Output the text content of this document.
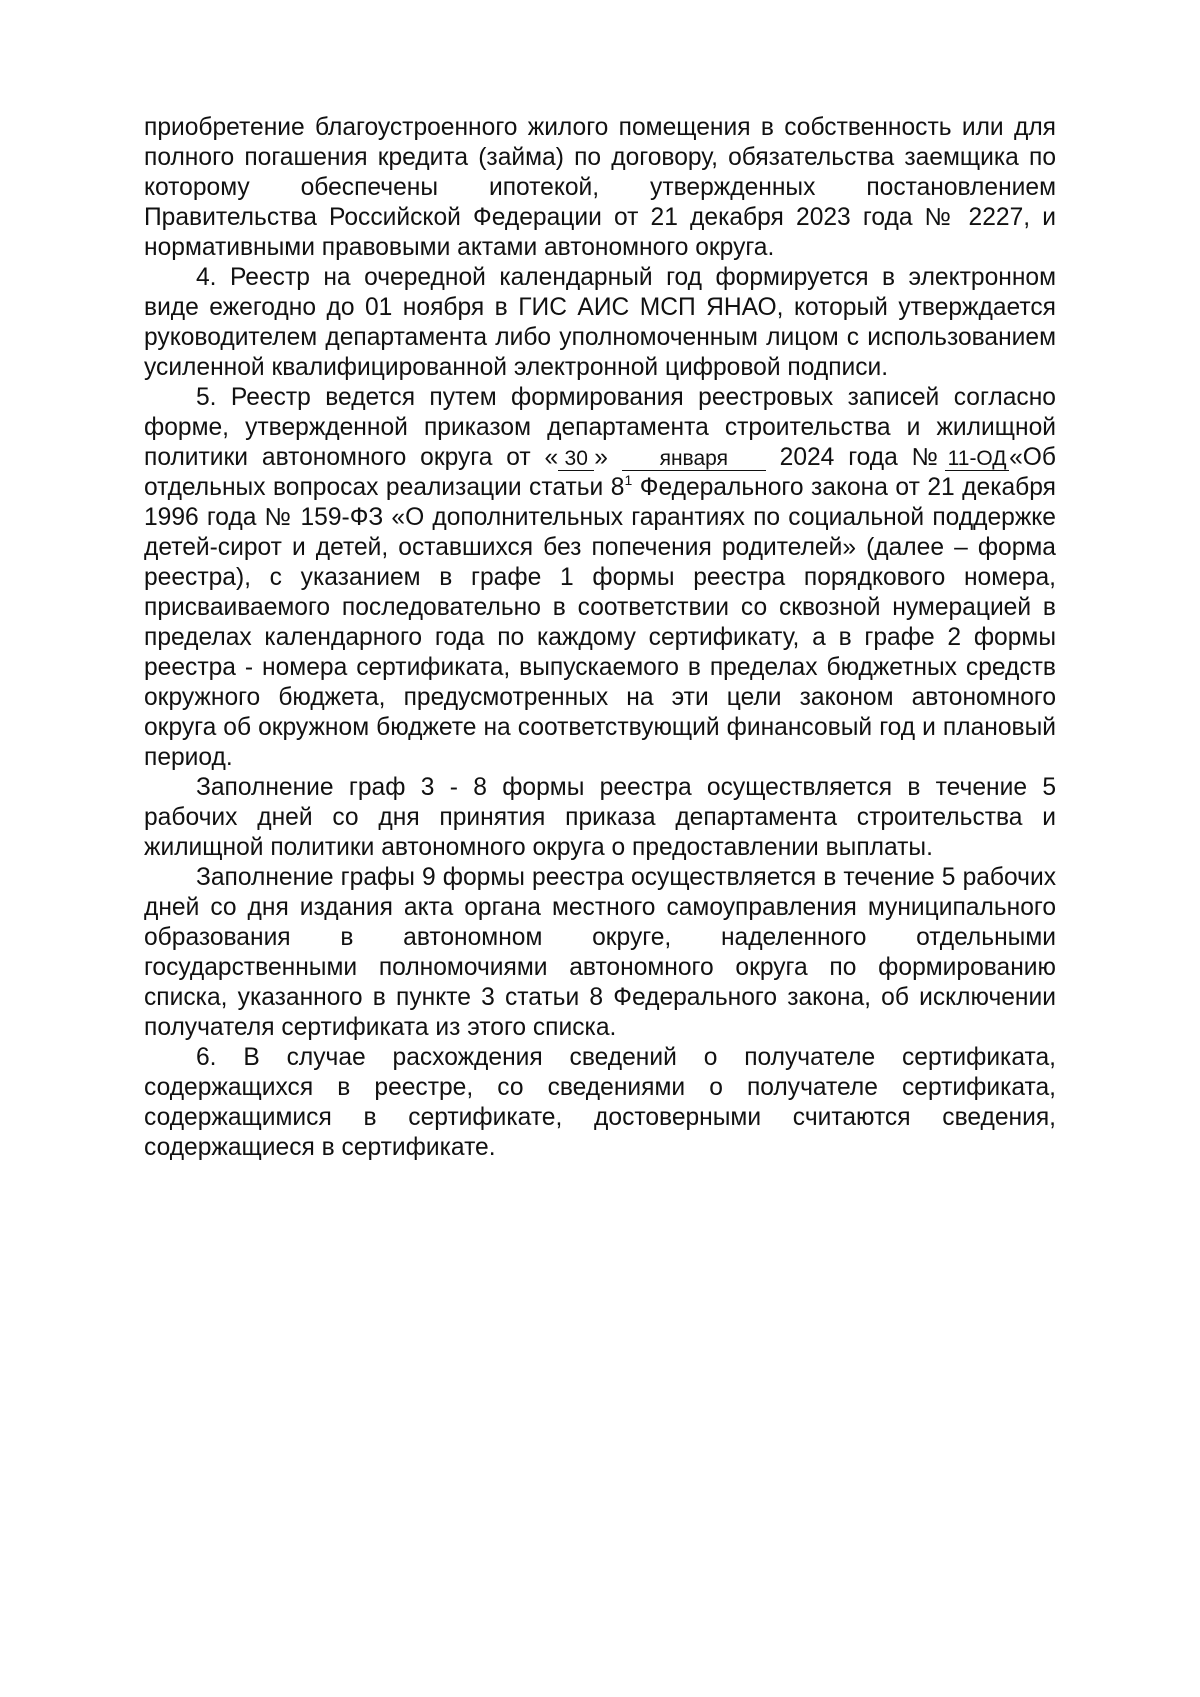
приобретение благоустроенного жилого помещения в собственность или для полного погашения кредита (займа) по договору, обязательства заемщика по которому обеспечены ипотекой, утвержденных постановлением Правительства Российской Федерации от 21 декабря 2023 года № 2227, и нормативными правовыми актами автономного округа.

4. Реестр на очередной календарный год формируется в электронном виде ежегодно до 01 ноября в ГИС АИС МСП ЯНАО, который утверждается руководителем департамента либо уполномоченным лицом с использованием усиленной квалифицированной электронной цифровой подписи.

5. Реестр ведется путем формирования реестровых записей согласно форме, утвержденной приказом департамента строительства и жилищной политики автономного округа от « 30 » января 2024 года № 11-ОД «Об отдельных вопросах реализации статьи $8^1$ Федерального закона от 21 декабря 1996 года № 159-ФЗ «О дополнительных гарантиях по социальной поддержке детей-сирот и детей, оставшихся без попечения родителей» (далее – форма реестра), с указанием в графе 1 формы реестра порядкового номера, присваиваемого последовательно в соответствии со сквозной нумерацией в пределах календарного года по каждому сертификату, а в графе 2 формы реестра - номера сертификата, выпускаемого в пределах бюджетных средств окружного бюджета, предусмотренных на эти цели законом автономного округа об окружном бюджете на соответствующий финансовый год и плановый период.

Заполнение граф 3 - 8 формы реестра осуществляется в течение 5 рабочих дней со дня принятия приказа департамента строительства и жилищной политики автономного округа о предоставлении выплаты.

Заполнение графы 9 формы реестра осуществляется в течение 5 рабочих дней со дня издания акта органа местного самоуправления муниципального образования в автономном округе, наделенного отдельными государственными полномочиями автономного округа по формированию списка, указанного в пункте 3 статьи 8 Федерального закона, об исключении получателя сертификата из этого списка.

6. В случае расхождения сведений о получателе сертификата, содержащихся в реестре, со сведениями о получателе сертификата, содержащимися в сертификате, достоверными считаются сведения, содержащиеся в сертификате.
